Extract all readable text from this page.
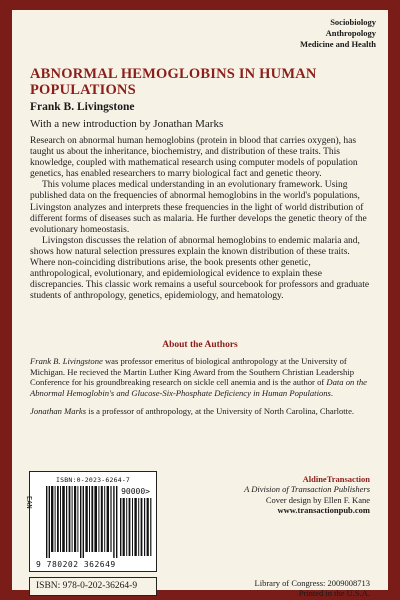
Sociobiology
Anthropology
Medicine and Health
ABNORMAL HEMOGLOBINS IN HUMAN POPULATIONS
Frank B. Livingstone
With a new introduction by Jonathan Marks

Research on abnormal human hemoglobins (protein in blood that carries oxygen), has taught us about the inheritance, biochemistry, and distribution of these traits. This knowledge, coupled with mathematical research using computer models of population genetics, has enabled researchers to marry biological fact and genetic theory.

This volume places medical understanding in an evolutionary framework. Using published data on the frequencies of abnormal hemoglobins in the world's populations, Livingston analyzes and interprets these frequencies in the light of world distribution of different forms of diseases such as malaria. He further develops the genetic theory of the evolutionary homeostasis.

Livingston discusses the relation of abnormal hemoglobins to endemic malaria and, shows how natural selection pressures explain the known distribution of these traits. Where non-coinciding distributions arise, the book presents other genetic, anthropological, evolutionary, and epidemiological evidence to explain these discrepancies. This classic work remains a useful sourcebook for professors and graduate students of anthropology, genetics, epidemiology, and hematology.

About the Authors

Frank B. Livingstone was professor emeritus of biological anthropology at the University of Michigan. He recieved the Martin Luther King Award from the Southern Christian Leadership Conference for his groundbreaking research on sickle cell anemia and is the author of Data on the Abnormal Hemoglobin's and Glucose-Six-Phosphate Deficiency in Human Populations.

Jonathan Marks is a professor of anthropology, at the University of North Carolina, Charlotte.

ISBN:0-2023-6264-7
EAN
90000>
9 780202 362649
AldineTransaction
A Division of Transaction Publishers
Cover design by Ellen F. Kane
www.transactionpub.com
ISBN: 978-0-202-36264-9	Library of Congress: 2009008713
Printed in the U.S.A.
